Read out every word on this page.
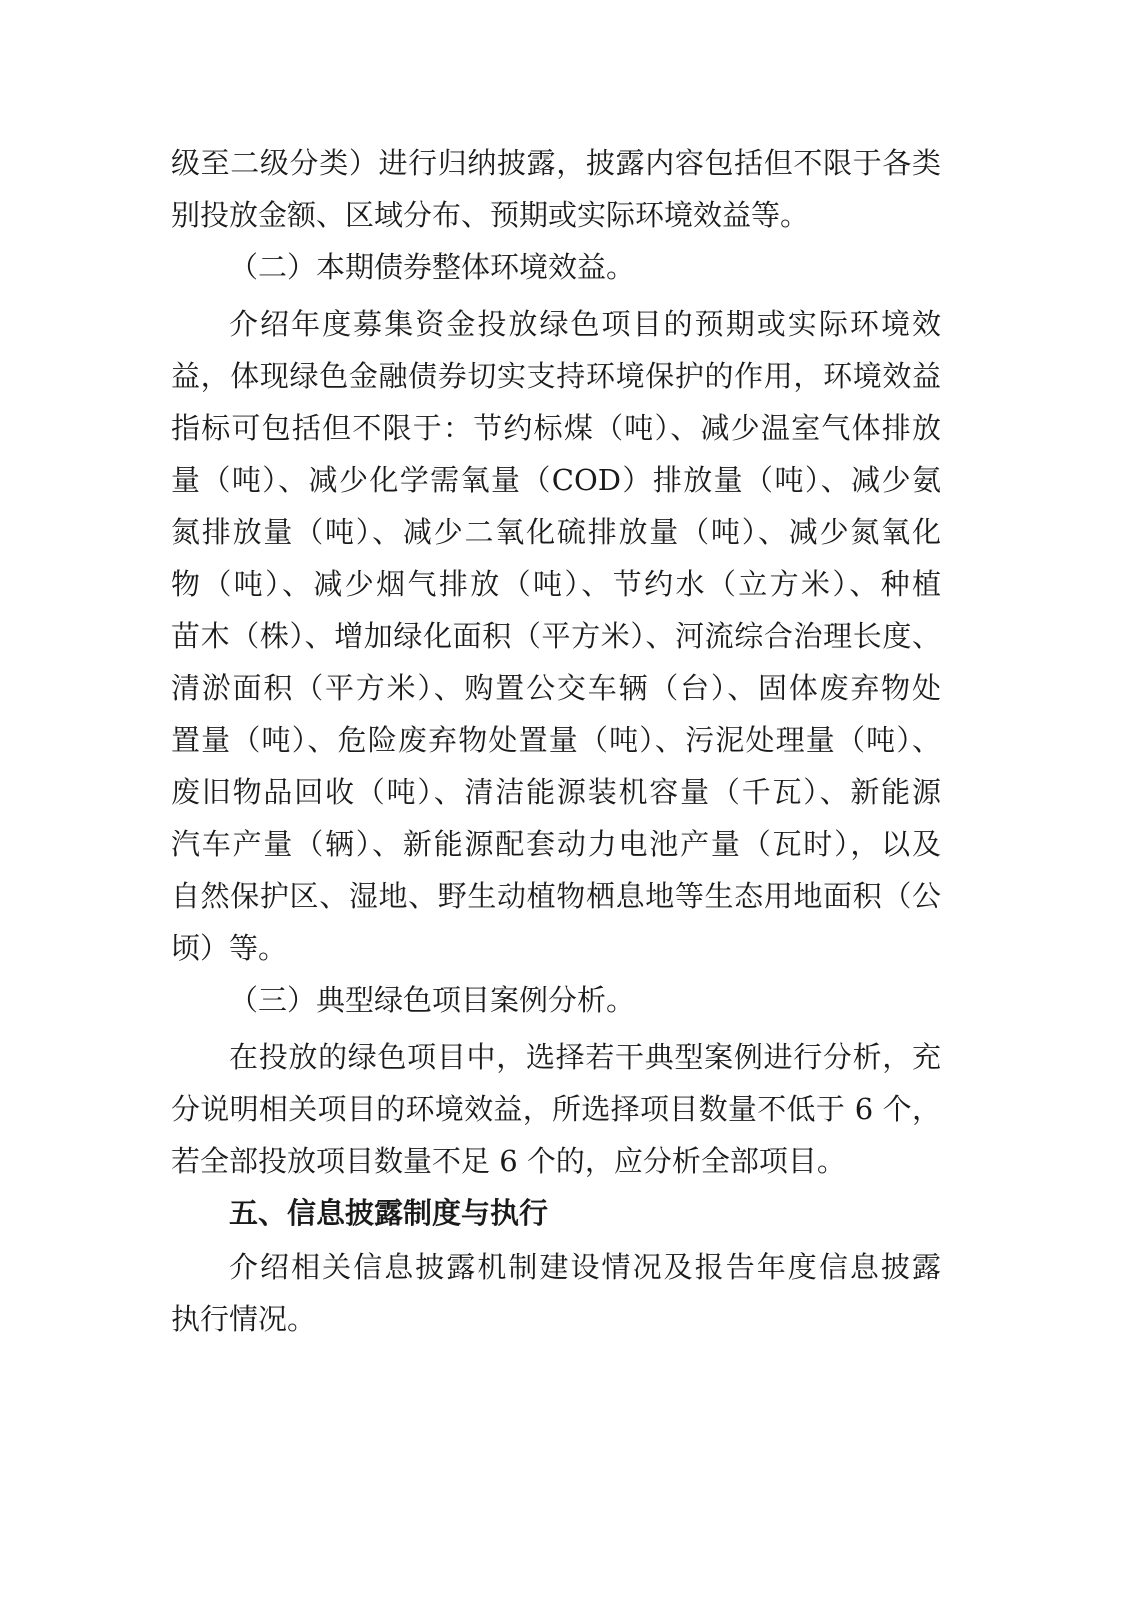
级至二级分类）进行归纳披露，披露内容包括但不限于各类
别投放金额、区域分布、预期或实际环境效益等。
（二）本期债券整体环境效益。
介绍年度募集资金投放绿色项目的预期或实际环境效
益，体现绿色金融债券切实支持环境保护的作用，环境效益
指标可包括但不限于：节约标煤（吨）、减少温室气体排放
量（吨）、减少化学需氧量（COD）排放量（吨）、减少氨
氮排放量（吨）、减少二氧化硫排放量（吨）、减少氮氧化
物（吨）、减少烟气排放（吨）、节约水（立方米）、种植
苗木（株）、增加绿化面积（平方米）、河流综合治理长度、
清淤面积（平方米）、购置公交车辆（台）、固体废弃物处
置量（吨）、危险废弃物处置量（吨）、污泥处理量（吨）、
废旧物品回收（吨）、清洁能源装机容量（千瓦）、新能源
汽车产量（辆）、新能源配套动力电池产量（瓦时），以及
自然保护区、湿地、野生动植物栖息地等生态用地面积（公
顷）等。
（三）典型绿色项目案例分析。
在投放的绿色项目中，选择若干典型案例进行分析，充
分说明相关项目的环境效益，所选择项目数量不低于 6 个，
若全部投放项目数量不足 6 个的，应分析全部项目。
五、信息披露制度与执行
介绍相关信息披露机制建设情况及报告年度信息披露
执行情况。
